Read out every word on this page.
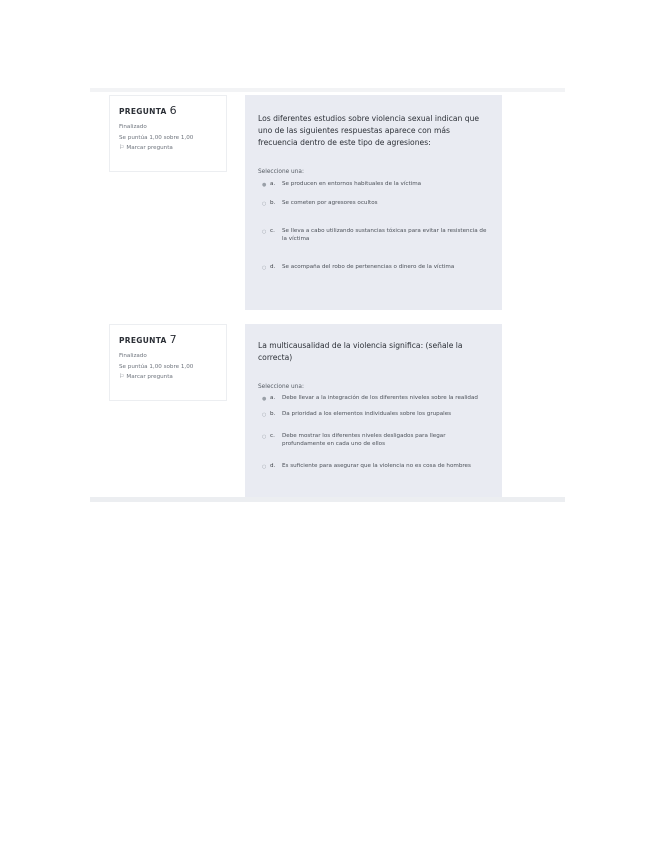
PREGUNTA 6
Finalizado
Se puntúa 1,00 sobre 1,00
⚐ Marcar pregunta
Los diferentes estudios sobre violencia sexual indican que uno de las siguientes respuestas aparece con más frecuencia dentro de este tipo de agresiones:
Seleccione una:
● a. Se producen en entornos habituales de la víctima
○ b. Se cometen por agresores ocultos
○ c. Se lleva a cabo utilizando sustancias tóxicas para evitar la resistencia de la víctima
○ d. Se acompaña del robo de pertenencias o dinero de la víctima
PREGUNTA 7
Finalizado
Se puntúa 1,00 sobre 1,00
⚐ Marcar pregunta
La multicausalidad de la violencia significa: (señale la correcta)
Seleccione una:
● a. Debe llevar a la integración de los diferentes niveles sobre la realidad
○ b. Da prioridad a los elementos individuales sobre los grupales
○ c. Debe mostrar los diferentes niveles desligados para llegar profundamente en cada uno de ellos
○ d. Es suficiente para asegurar que la violencia no es cosa de hombres
